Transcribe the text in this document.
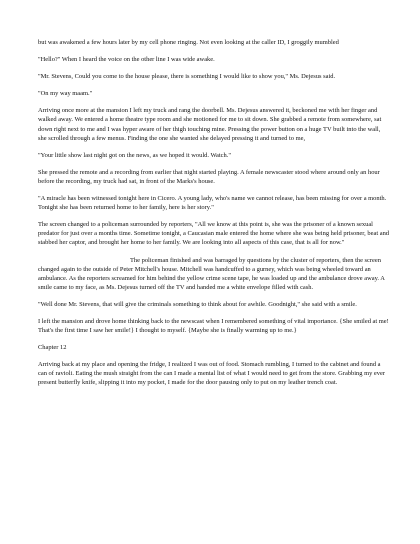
but was awakened a few hours later by my cell phone ringing. Not even looking at the caller ID, I groggily mumbled

"Hello?" When I heard the voice on the other line I was wide awake.

"Mr. Stevens, Could you come to the house please, there is something I would like to show you," Ms. Dejesus said.

"On my way maam."

Arriving once more at the mansion I left my truck and rang the doorbell. Ms. Dejesus answered it, beckoned me with her finger and walked away. We entered a home theatre type room and she motioned for me to sit down. She grabbed a remote from somewhere, sat down right next to me and I was hyper aware of her thigh touching mine. Pressing the power button on a huge TV built into the wall, she scrolled through a few menus. Finding the one she wanted she delayed pressing it and turned to me,

"Your little show last night got on the news, as we hoped it would. Watch."

She pressed the remote and a recording from earlier that night started playing. A female newscaster stood where around only an hour before the recording, my truck had sat, in front of the Marks's house.

"A miracle has been witnessed tonight here in Cicero. A young lady, who's name we cannot release, has been missing for over a month. Tonight she has been returned home to her family, here is her story."

The screen changed to a policeman surrounded by reporters, "All we know at this point is, she was the prisoner of a known sexual predator for just over a months time. Sometime tonight, a Caucasian male entered the home where she was being held prisoner, beat and stabbed her captor, and brought her home to her family. We are looking into all aspects of this case, that is all for now."

The policeman finished and was barraged by questions by the cluster of reporters, then the screen changed again to the outside of Peter Mitchell's house. Mitchell was handcuffed to a gurney, which was being wheeled toward an ambulance. As the reporters screamed for him behind the yellow crime scene tape, he was loaded up and the ambulance drove away. A smile came to my face, as Ms. Dejesus turned off the TV and handed me a white envelope filled with cash.

"Well done Mr. Stevens, that will give the criminals something to think about for awhile. Goodnight," she said with a smile.

I left the mansion and drove home thinking back to the newscast when I remembered something of vital importance. {She smiled at me! That's the first time I saw her smile!} I thought to myself. {Maybe she is finally warming up to me.}

Chapter 12

Arriving back at my place and opening the fridge, I realized I was out of food. Stomach rumbling, I turned to the cabinet and found a can of ravioli. Eating the mush straight from the can I made a mental list of what I would need to get from the store. Grabbing my ever present butterfly knife, slipping it into my pocket, I made for the door pausing only to put on my leather trench coat.
